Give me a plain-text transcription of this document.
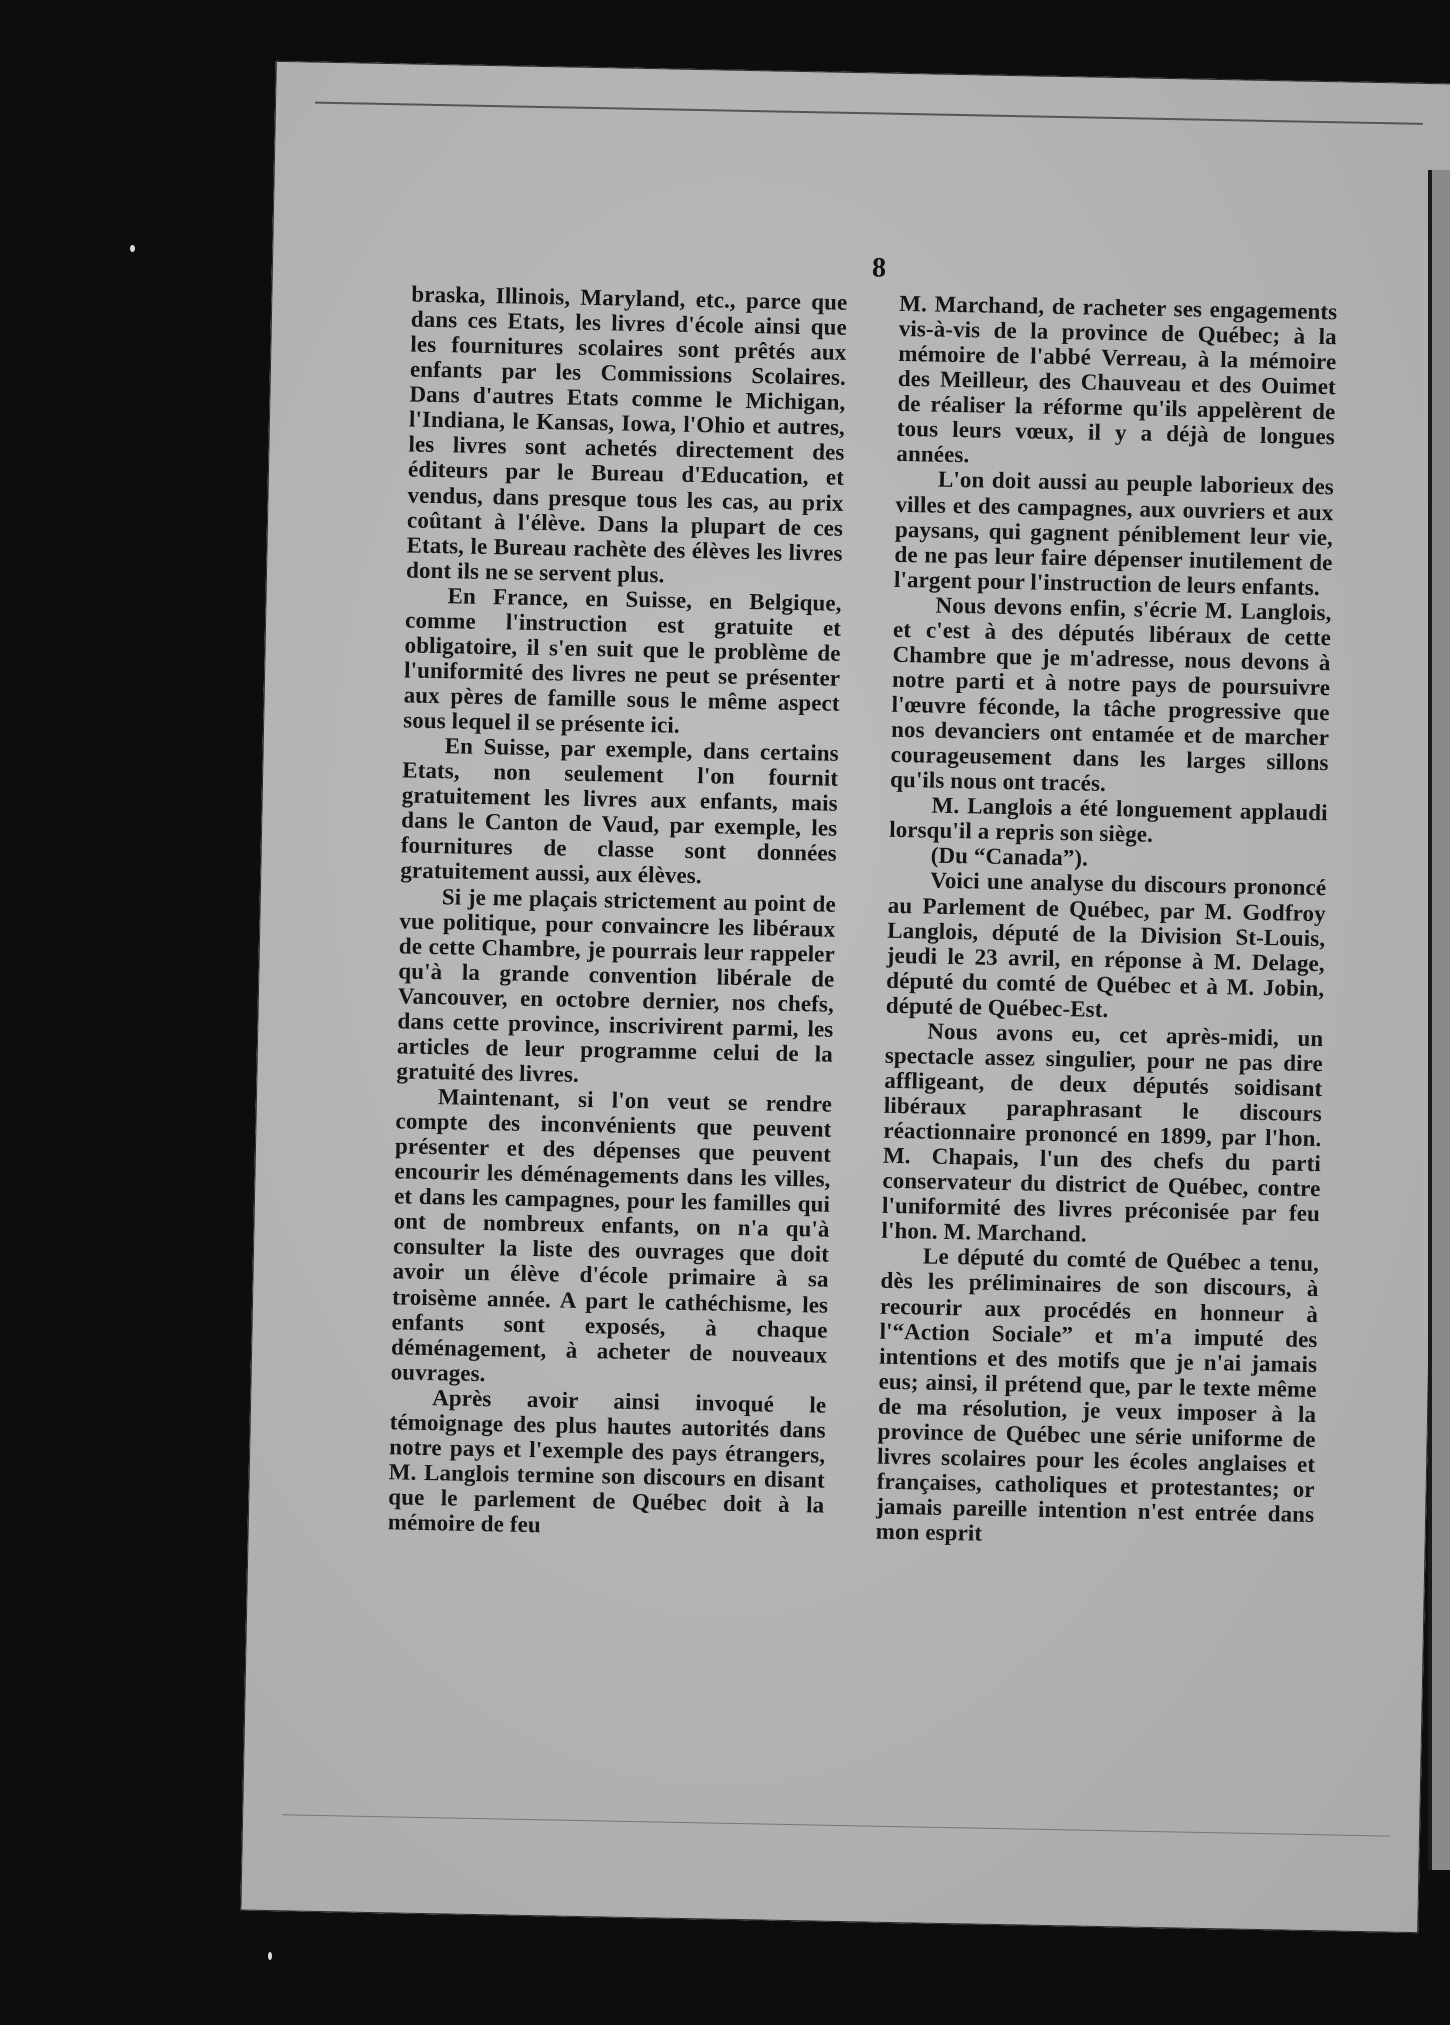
8

braska, Illinois, Maryland, etc., parce que dans ces Etats, les livres d'école ainsi que les fournitures scolaires sont prêtés aux enfants par les Commissions Scolaires. Dans d'autres Etats comme le Michigan, l'Indiana, le Kansas, Iowa, l'Ohio et autres, les livres sont achetés directement des éditeurs par le Bureau d'Education, et vendus, dans presque tous les cas, au prix coûtant à l'élève. Dans la plupart de ces Etats, le Bureau rachète des élèves les livres dont ils ne se servent plus.

En France, en Suisse, en Belgique, comme l'instruction est gratuite et obligatoire, il s'en suit que le problème de l'uniformité des livres ne peut se présenter aux pères de famille sous le même aspect sous lequel il se présente ici.

En Suisse, par exemple, dans certains Etats, non seulement l'on fournit gratuitement les livres aux enfants, mais dans le Canton de Vaud, par exemple, les fournitures de classe sont données gratuitement aussi, aux élèves.

Si je me plaçais strictement au point de vue politique, pour convaincre les libéraux de cette Chambre, je pourrais leur rappeler qu'à la grande convention libérale de Vancouver, en octobre dernier, nos chefs, dans cette province, inscrivirent parmi, les articles de leur programme celui de la gratuité des livres.

Maintenant, si l'on veut se rendre compte des inconvénients que peuvent présenter et des dépenses que peuvent encourir les déménagements dans les villes, et dans les campagnes, pour les familles qui ont de nombreux enfants, on n'a qu'à consulter la liste des ouvrages que doit avoir un élève d'école primaire à sa troisème année. A part le cathéchisme, les enfants sont exposés, à chaque déménagement, à acheter de nouveaux ouvrages.

Après avoir ainsi invoqué le témoignage des plus hautes autorités dans notre pays et l'exemple des pays étrangers, M. Langlois termine son discours en disant que le parlement de Québec doit à la mémoire de feu

M. Marchand, de racheter ses engagements vis-à-vis de la province de Québec; à la mémoire de l'abbé Verreau, à la mémoire des Meilleur, des Chauveau et des Ouimet de réaliser la réforme qu'ils appelèrent de tous leurs vœux, il y a déjà de longues années.

L'on doit aussi au peuple laborieux des villes et des campagnes, aux ouvriers et aux paysans, qui gagnent péniblement leur vie, de ne pas leur faire dépenser inutilement de l'argent pour l'instruction de leurs enfants.

Nous devons enfin, s'écrie M. Langlois, et c'est à des députés libéraux de cette Chambre que je m'adresse, nous devons à notre parti et à notre pays de poursuivre l'œuvre féconde, la tâche progressive que nos devanciers ont entamée et de marcher courageusement dans les larges sillons qu'ils nous ont tracés.

M. Langlois a été longuement applaudi lorsqu'il a repris son siège.

(Du “Canada”).

Voici une analyse du discours prononcé au Parlement de Québec, par M. Godfroy Langlois, député de la Division St-Louis, jeudi le 23 avril, en réponse à M. Delage, député du comté de Québec et à M. Jobin, député de Québec-Est.

Nous avons eu, cet après-midi, un spectacle assez singulier, pour ne pas dire affligeant, de deux députés soidisant libéraux paraphrasant le discours réactionnaire prononcé en 1899, par l'hon. M. Chapais, l'un des chefs du parti conservateur du district de Québec, contre l'uniformité des livres préconisée par feu l'hon. M. Marchand.

Le député du comté de Québec a tenu, dès les préliminaires de son discours, à recourir aux procédés en honneur à l'“Action Sociale” et m'a imputé des intentions et des motifs que je n'ai jamais eus; ainsi, il prétend que, par le texte même de ma résolution, je veux imposer à la province de Québec une série uniforme de livres scolaires pour les écoles anglaises et françaises, catholiques et protestantes; or jamais pareille intention n'est entrée dans mon esprit
